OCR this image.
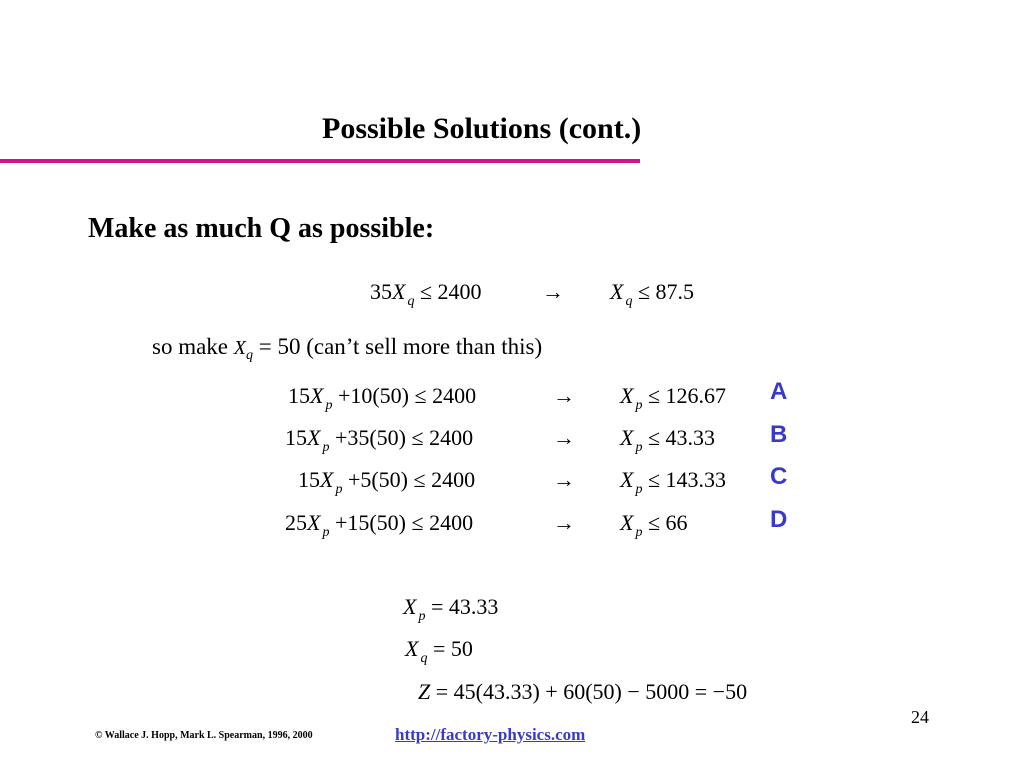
Possible Solutions (cont.)
Make as much Q as possible:
35X $_q$ ≤ 2400	→ X $_q$ ≤ 87.5
so make $X_q = 50$ (can’t sell more than this)
15X $_p$ +10(50) ≤ 2400	→ X $_p$ ≤ 126.67 A
15X $_p$ +35(50) ≤ 2400	→ X $_p$ ≤ 43.33 B
15X $_p$ +5(50) ≤ 2400	→ X $_p$ ≤ 143.33 C
25X $_p$ +15(50) ≤ 2400	→ X $_p$ ≤ 66	D
X $_p$ = 43.33
X $_q$ = 50
Z = 45(43.33) + 60(50) − 5000 = −50
24
© Wallace J. Hopp, Mark L. Spearman, 1996, 2000	http://factory-physics.com
